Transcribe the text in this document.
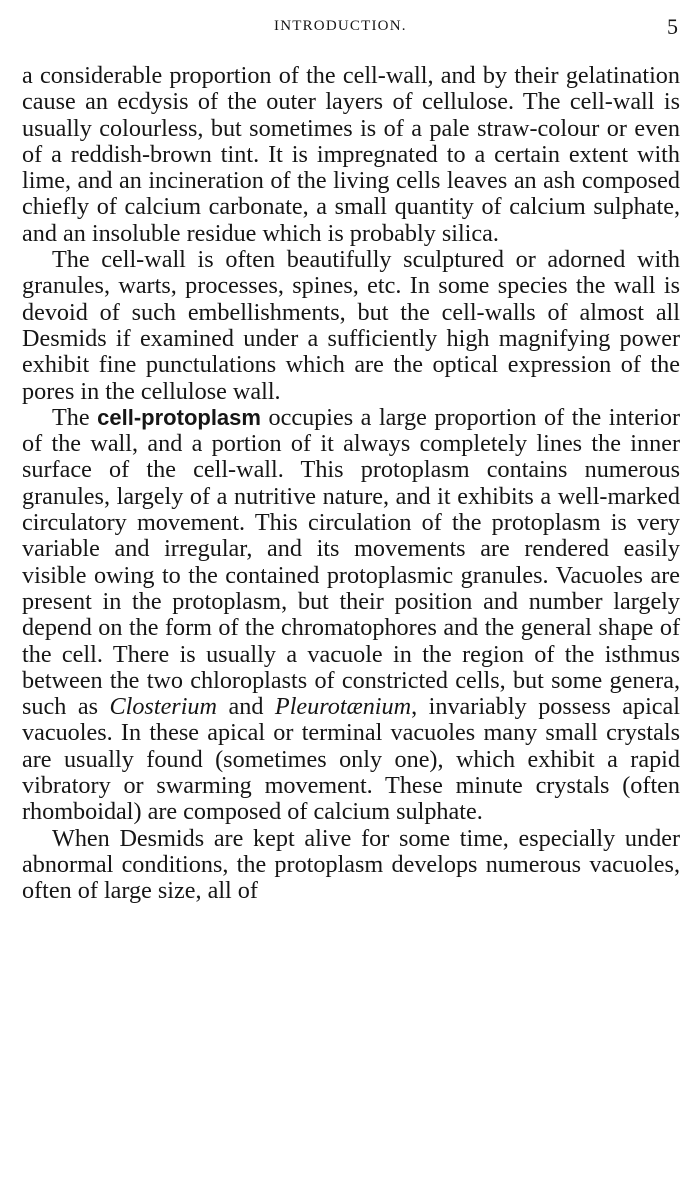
INTRODUCTION.	5

a considerable proportion of the cell-wall, and by their gelatination cause an ecdysis of the outer layers of cellulose. The cell-wall is usually colourless, but sometimes is of a pale straw-colour or even of a reddish-brown tint. It is impregnated to a certain extent with lime, and an incineration of the living cells leaves an ash composed chiefly of calcium carbonate, a small quantity of calcium sulphate, and an insoluble residue which is probably silica.

The cell-wall is often beautifully sculptured or adorned with granules, warts, processes, spines, etc. In some species the wall is devoid of such embellishments, but the cell-walls of almost all Desmids if examined under a sufficiently high magnifying power exhibit fine punctulations which are the optical expression of the pores in the cellulose wall.

The cell-protoplasm occupies a large proportion of the interior of the wall, and a portion of it always completely lines the inner surface of the cell-wall. This protoplasm contains numerous granules, largely of a nutritive nature, and it exhibits a well-marked circulatory movement. This circulation of the protoplasm is very variable and irregular, and its movements are rendered easily visible owing to the contained protoplasmic granules. Vacuoles are present in the protoplasm, but their position and number largely depend on the form of the chromatophores and the general shape of the cell. There is usually a vacuole in the region of the isthmus between the two chloroplasts of constricted cells, but some genera, such as Closterium and Pleurotænium, invariably possess apical vacuoles. In these apical or terminal vacuoles many small crystals are usually found (sometimes only one), which exhibit a rapid vibratory or swarming movement. These minute crystals (often rhomboidal) are composed of calcium sulphate.

When Desmids are kept alive for some time, especially under abnormal conditions, the protoplasm develops numerous vacuoles, often of large size, all of
